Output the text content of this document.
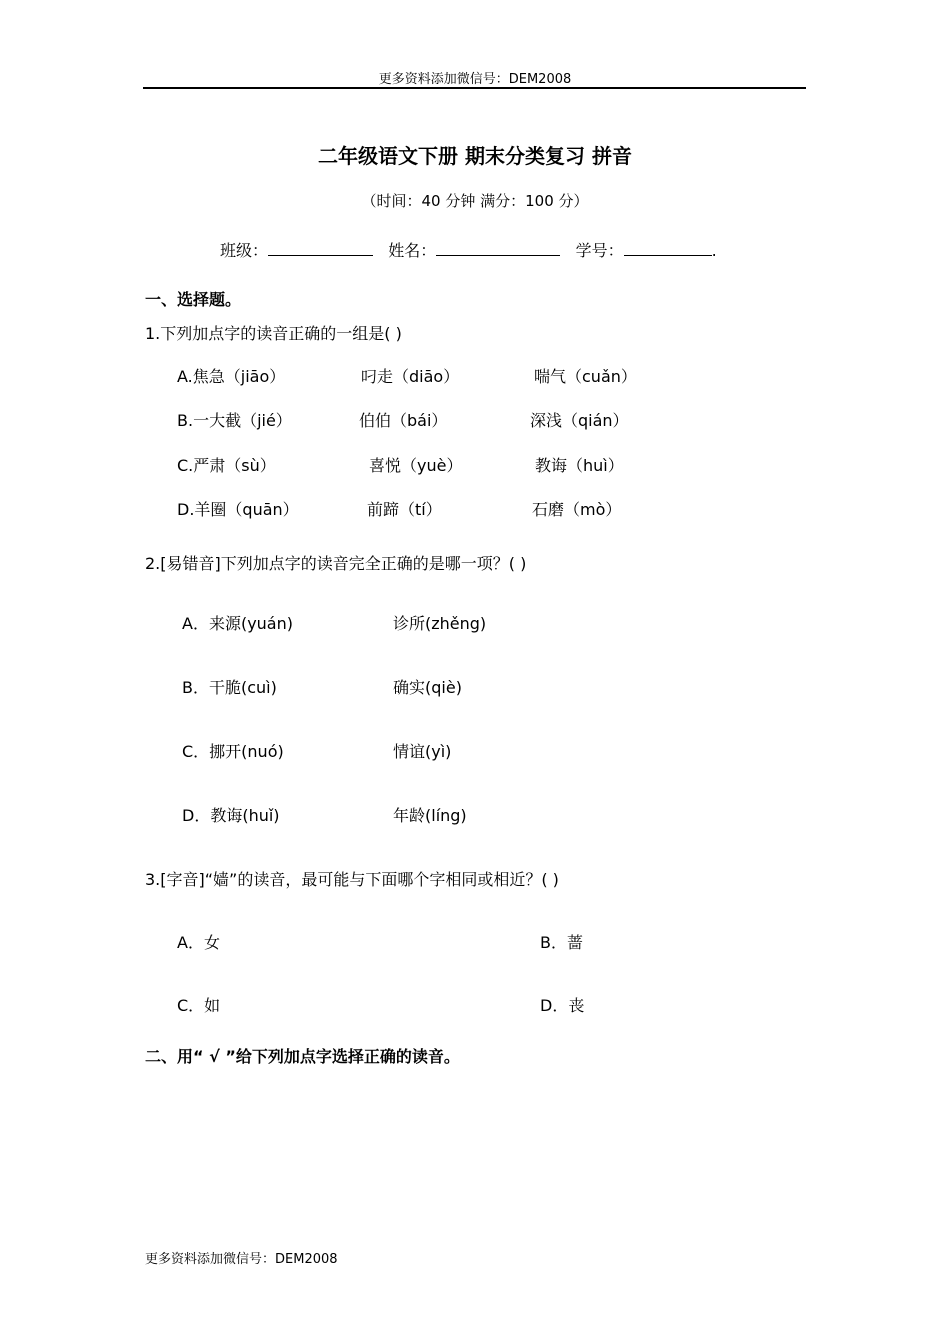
更多资料添加微信号：DEM2008
二年级语文下册 期末分类复习 拼音
（时间：40 分钟 满分：100 分）
班级：	姓名：	学号：	.
一、选择题。
1.下列加点字的读音正确的一组是( )
A.焦急（jiāo）	叼走（diāo）	喘气（cuǎn）
B.一大截（jié）	伯伯（bái）	深浅（qián）
C.严肃（sù）	喜悦（yuè）	教诲（huì）
D.羊圈（quān）	前蹄（tí）	石磨（mò）
2.[易错音]下列加点字的读音完全正确的是哪一项？( )
A．来源(yuán)	诊所(zhěng)
B．干脆(cuì)	确实(qiè)
C．挪开(nuó)	情谊(yì)
D．教诲(huǐ)	年龄(líng)
3.[字音]“嫱”的读音，最可能与下面哪个字相同或相近？( )
A．女	B．蔷
C．如	D．丧
二、用“ √ ”给下列加点字选择正确的读音。
更多资料添加微信号：DEM2008
